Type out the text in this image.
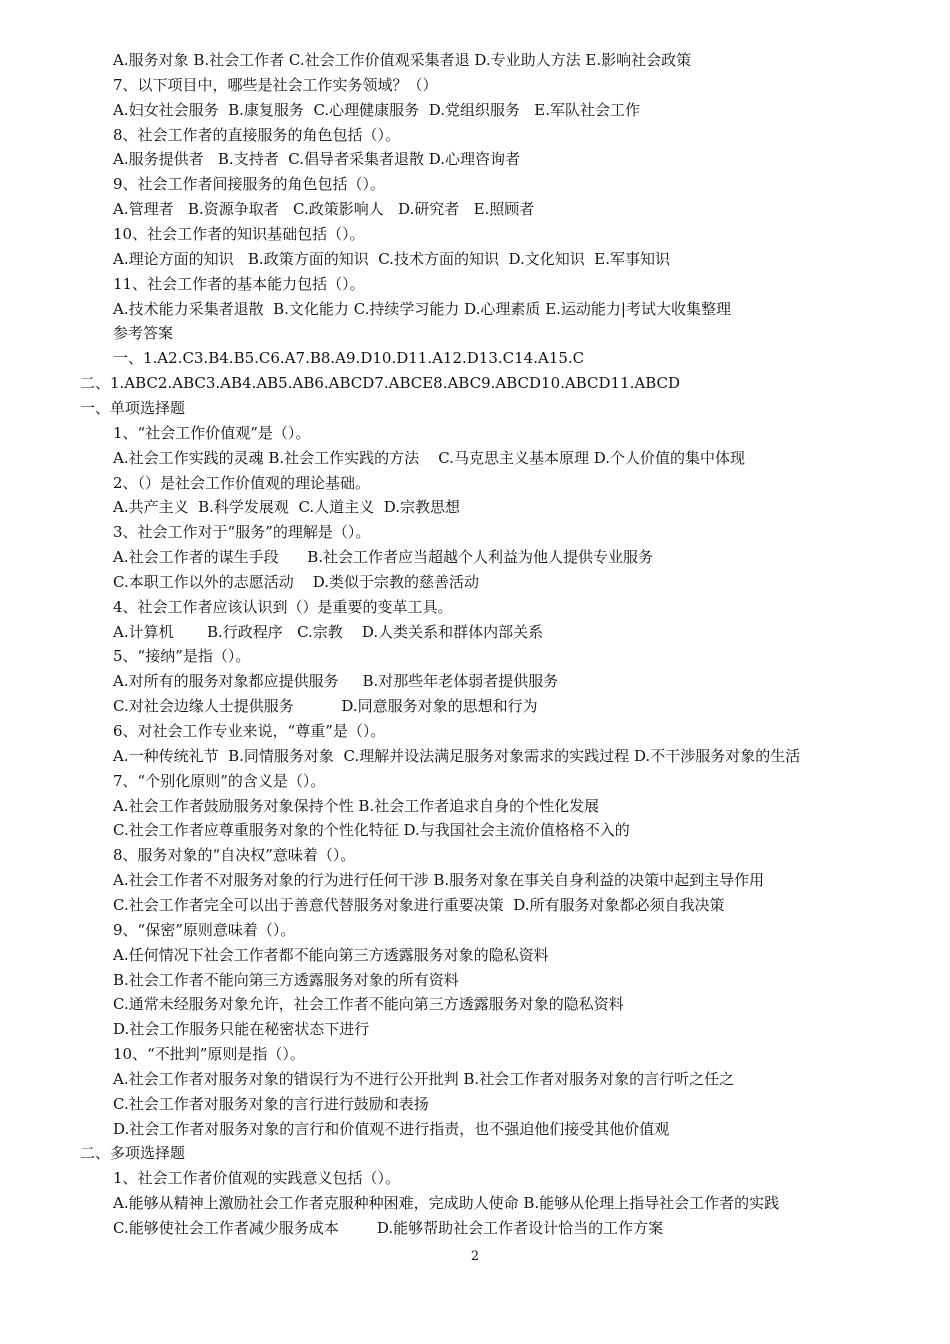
A.服务对象 B.社会工作者 C.社会工作价值观采集者退 D.专业助人方法 E.影响社会政策
7、以下项目中，哪些是社会工作实务领域？（）
A.妇女社会服务  B.康复服务  C.心理健康服务  D.党组织服务   E.军队社会工作
8、社会工作者的直接服务的角色包括（）。
A.服务提供者   B.支持者  C.倡导者采集者退散 D.心理咨询者
9、社会工作者间接服务的角色包括（）。
A.管理者   B.资源争取者   C.政策影响人   D.研究者   E.照顾者
10、社会工作者的知识基础包括（）。
A.理论方面的知识   B.政策方面的知识  C.技术方面的知识  D.文化知识  E.军事知识
11、社会工作者的基本能力包括（）。
A.技术能力采集者退散  B.文化能力 C.持续学习能力 D.心理素质 E.运动能力|考试大收集整理
参考答案
一、1.A2.C3.B4.B5.C6.A7.B8.A9.D10.D11.A12.D13.C14.A15.C
二、1.ABC2.ABC3.AB4.AB5.AB6.ABCD7.ABCE8.ABC9.ABCD10.ABCD11.ABCD
一、单项选择题
1、“社会工作价值观”是（）。
A.社会工作实践的灵魂 B.社会工作实践的方法    C.马克思主义基本原理 D.个人价值的集中体现
2、（）是社会工作价值观的理论基础。
A.共产主义  B.科学发展观  C.人道主义  D.宗教思想
3、社会工作对于“服务”的理解是（）。
A.社会工作者的谋生手段      B.社会工作者应当超越个人利益为他人提供专业服务
C.本职工作以外的志愿活动    D.类似于宗教的慈善活动
4、社会工作者应该认识到（）是重要的变革工具。
A.计算机       B.行政程序   C.宗教    D.人类关系和群体内部关系
5、“接纳”是指（）。
A.对所有的服务对象都应提供服务     B.对那些年老体弱者提供服务
C.对社会边缘人士提供服务          D.同意服务对象的思想和行为
6、对社会工作专业来说，“尊重”是（）。
A.一种传统礼节  B.同情服务对象  C.理解并设法满足服务对象需求的实践过程 D.不干涉服务对象的生活
7、“个别化原则”的含义是（）。
A.社会工作者鼓励服务对象保持个性 B.社会工作者追求自身的个性化发展
C.社会工作者应尊重服务对象的个性化特征 D.与我国社会主流价值格格不入的
8、服务对象的“自决权”意味着（）。
A.社会工作者不对服务对象的行为进行任何干涉 B.服务对象在事关自身利益的决策中起到主导作用
C.社会工作者完全可以出于善意代替服务对象进行重要决策  D.所有服务对象都必须自我决策
9、“保密”原则意味着（）。
A.任何情况下社会工作者都不能向第三方透露服务对象的隐私资料
B.社会工作者不能向第三方透露服务对象的所有资料
C.通常未经服务对象允许，社会工作者不能向第三方透露服务对象的隐私资料
D.社会工作服务只能在秘密状态下进行
10、“不批判”原则是指（）。
A.社会工作者对服务对象的错误行为不进行公开批判 B.社会工作者对服务对象的言行听之任之
C.社会工作者对服务对象的言行进行鼓励和表扬
D.社会工作者对服务对象的言行和价值观不进行指责，也不强迫他们接受其他价值观
二、多项选择题
1、社会工作者价值观的实践意义包括（）。
A.能够从精神上激励社会工作者克服种种困难，完成助人使命 B.能够从伦理上指导社会工作者的实践
C.能够使社会工作者减少服务成本        D.能够帮助社会工作者设计恰当的工作方案
2
